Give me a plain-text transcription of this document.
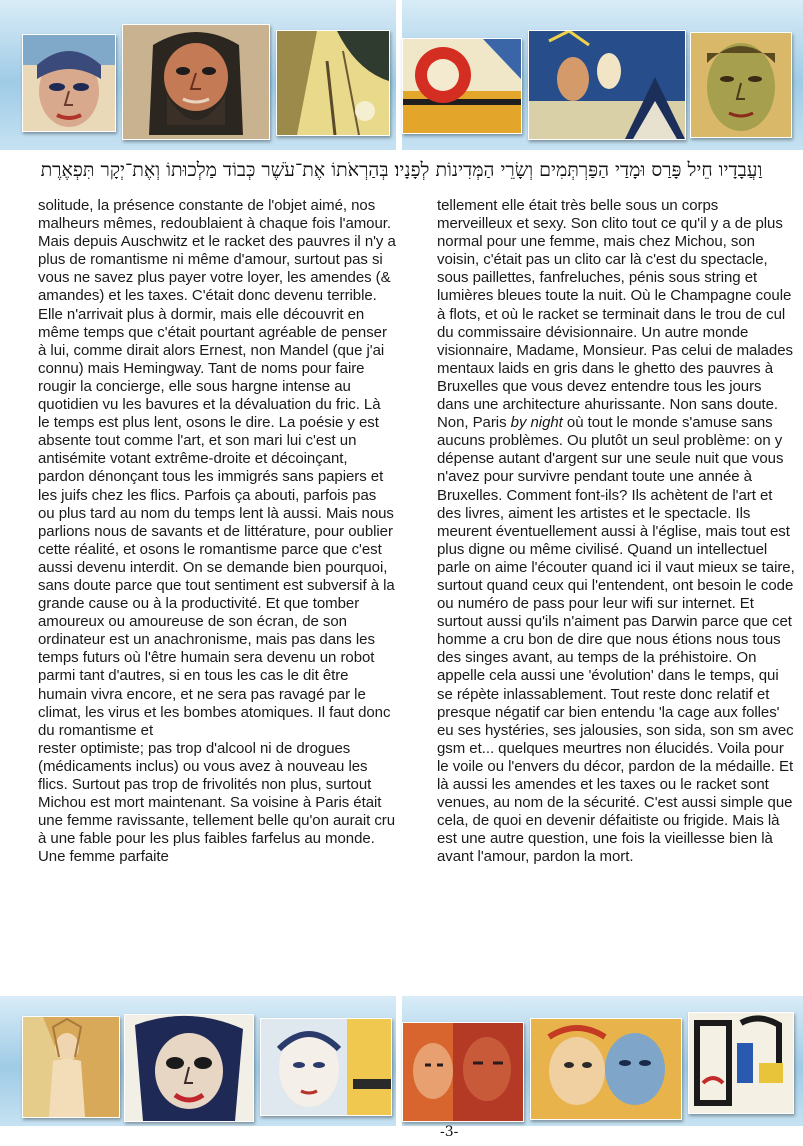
וַעֲבָדָיו חֵיל פָּרַס וּמָדַי הַפַּרְתְּמִים וְשָׂרֵי הַמְּדִינוֹת לְפָנָיו׃ בְּהַרְאֹתוֹ אֶת־עֹשֶׁר כְּבוֹד מַלְכוּתוֹ וְאֶת־יְקָר תִּפְאֶרֶת

solitude, la présence constante de l'objet aimé, nos malheurs mêmes, redoublaient à chaque fois l'amour. Mais depuis Auschwitz et le racket des pauvres il n'y a plus de romantisme ni même d'amour, surtout pas si vous ne savez plus payer votre loyer, les amendes (& amandes) et les taxes. C'était donc devenu terrible. Elle n'arrivait plus à dormir, mais elle découvrit en même temps que c'était pourtant agréable de penser à lui, comme dirait alors Ernest, non Mandel (que j'ai connu) mais Hemingway. Tant de noms pour faire rougir la concierge, elle sous hargne intense au quotidien vu les bavures et la dévaluation du fric. Là le temps est plus lent, osons le dire. La poésie y est absente tout comme l'art, et son mari lui c'est un antisémite votant extrême-droite et décoinçant, pardon dénonçant tous les immigrés sans papiers et les juifs chez les flics. Parfois ça abouti, parfois pas ou plus tard au nom du temps lent là aussi. Mais nous parlions nous de savants et de littérature, pour oublier cette réalité, et osons le romantisme parce que c'est aussi devenu interdit. On se demande bien pourquoi, sans doute parce que tout sentiment est subversif à la grande cause ou à la productivité. Et que tomber amoureux ou amoureuse de son écran, de son ordinateur est un anachronisme, mais pas dans les temps futurs où l'être humain sera devenu un robot parmi tant d'autres, si en tous les cas le dit être humain vivra encore, et ne sera pas ravagé par le climat, les virus et les bombes atomiques. Il faut donc du romantisme et

rester optimiste; pas trop d'alcool ni de drogues (médicaments inclus) ou vous avez à nouveau les flics. Surtout pas trop de frivolités non plus, surtout Michou est mort maintenant. Sa voisine à Paris était une femme ravissante, tellement belle qu'on aurait cru à une fable pour les plus faibles farfelus au monde. Une femme parfaite

tellement elle était très belle sous un corps merveilleux et sexy. Son clito tout ce qu'il y a de plus normal pour une femme, mais chez Michou, son voisin, c'était pas un clito car là c'est du spectacle, sous paillettes, fanfreluches, pénis sous string et lumières bleues toute la nuit. Où le Champagne coule à flots, et où le racket se terminait dans le trou de cul du commissaire dévisionnaire. Un autre monde visionnaire, Madame, Monsieur. Pas celui de malades mentaux laids en gris dans le ghetto des pauvres à Bruxelles que vous devez entendre tous les jours dans une architecture ahurissante. Non sans doute. Non, Paris by night où tout le monde s'amuse sans aucuns problèmes. Ou plutôt un seul problème: on y dépense autant d'argent sur une seule nuit que vous n'avez pour survivre pendant toute une année à Bruxelles. Comment font-ils? Ils achètent de l'art et des livres, aiment les artistes et le spectacle. Ils meurent éventuellement aussi à l'église, mais tout est plus digne ou même civilisé. Quand un intellectuel parle on aime l'écouter quand ici il vaut mieux se taire, surtout quand ceux qui l'entendent, ont besoin le code ou numéro de pass pour leur wifi sur internet. Et surtout aussi qu'ils n'aiment pas Darwin parce que cet homme a cru bon de dire que nous étions nous tous des singes avant, au temps de la préhistoire. On appelle cela aussi une 'évolution' dans le temps, qui se répète inlassablement. Tout reste donc relatif et presque négatif car bien entendu 'la cage aux folles' eu ses hystéries, ses jalousies, son sida, son sm avec gsm et... quelques meurtres non élucidés. Voila pour le voile ou l'envers du décor, pardon de la médaille. Et là aussi les amendes et les taxes ou le racket sont venues, au nom de la sécurité. C'est aussi simple que cela, de quoi en devenir défaitiste ou frigide. Mais là est une autre question, une fois la vieillesse bien là avant l'amour, pardon la mort.

-3-
